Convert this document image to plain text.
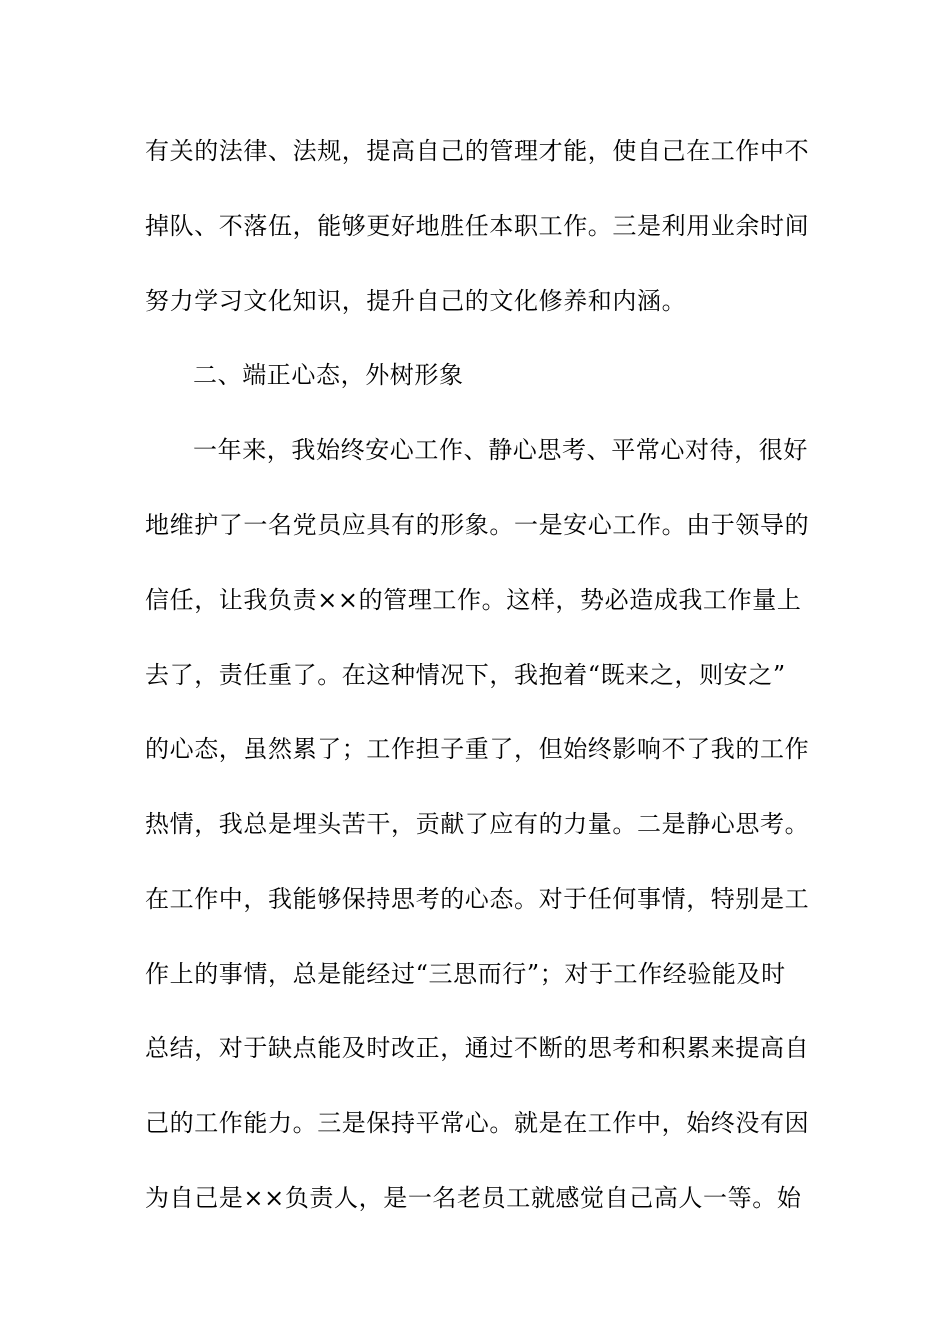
有关的法律、法规，提高自己的管理才能，使自己在工作中不
掉队、不落伍，能够更好地胜任本职工作。三是利用业余时间
努力学习文化知识，提升自己的文化修养和内涵。
二、端正心态，外树形象
一年来，我始终安心工作、静心思考、平常心对待，很好
地维护了一名党员应具有的形象。一是安心工作。由于领导的
信任，让我负责××的管理工作。这样，势必造成我工作量上
去了，责任重了。在这种情况下，我抱着“既来之，则安之”
的心态，虽然累了；工作担子重了，但始终影响不了我的工作
热情，我总是埋头苦干，贡献了应有的力量。二是静心思考。
在工作中，我能够保持思考的心态。对于任何事情，特别是工
作上的事情，总是能经过“三思而行”；对于工作经验能及时
总结，对于缺点能及时改正，通过不断的思考和积累来提高自
己的工作能力。三是保持平常心。就是在工作中，始终没有因
为自己是××负责人，是一名老员工就感觉自己高人一等。始
